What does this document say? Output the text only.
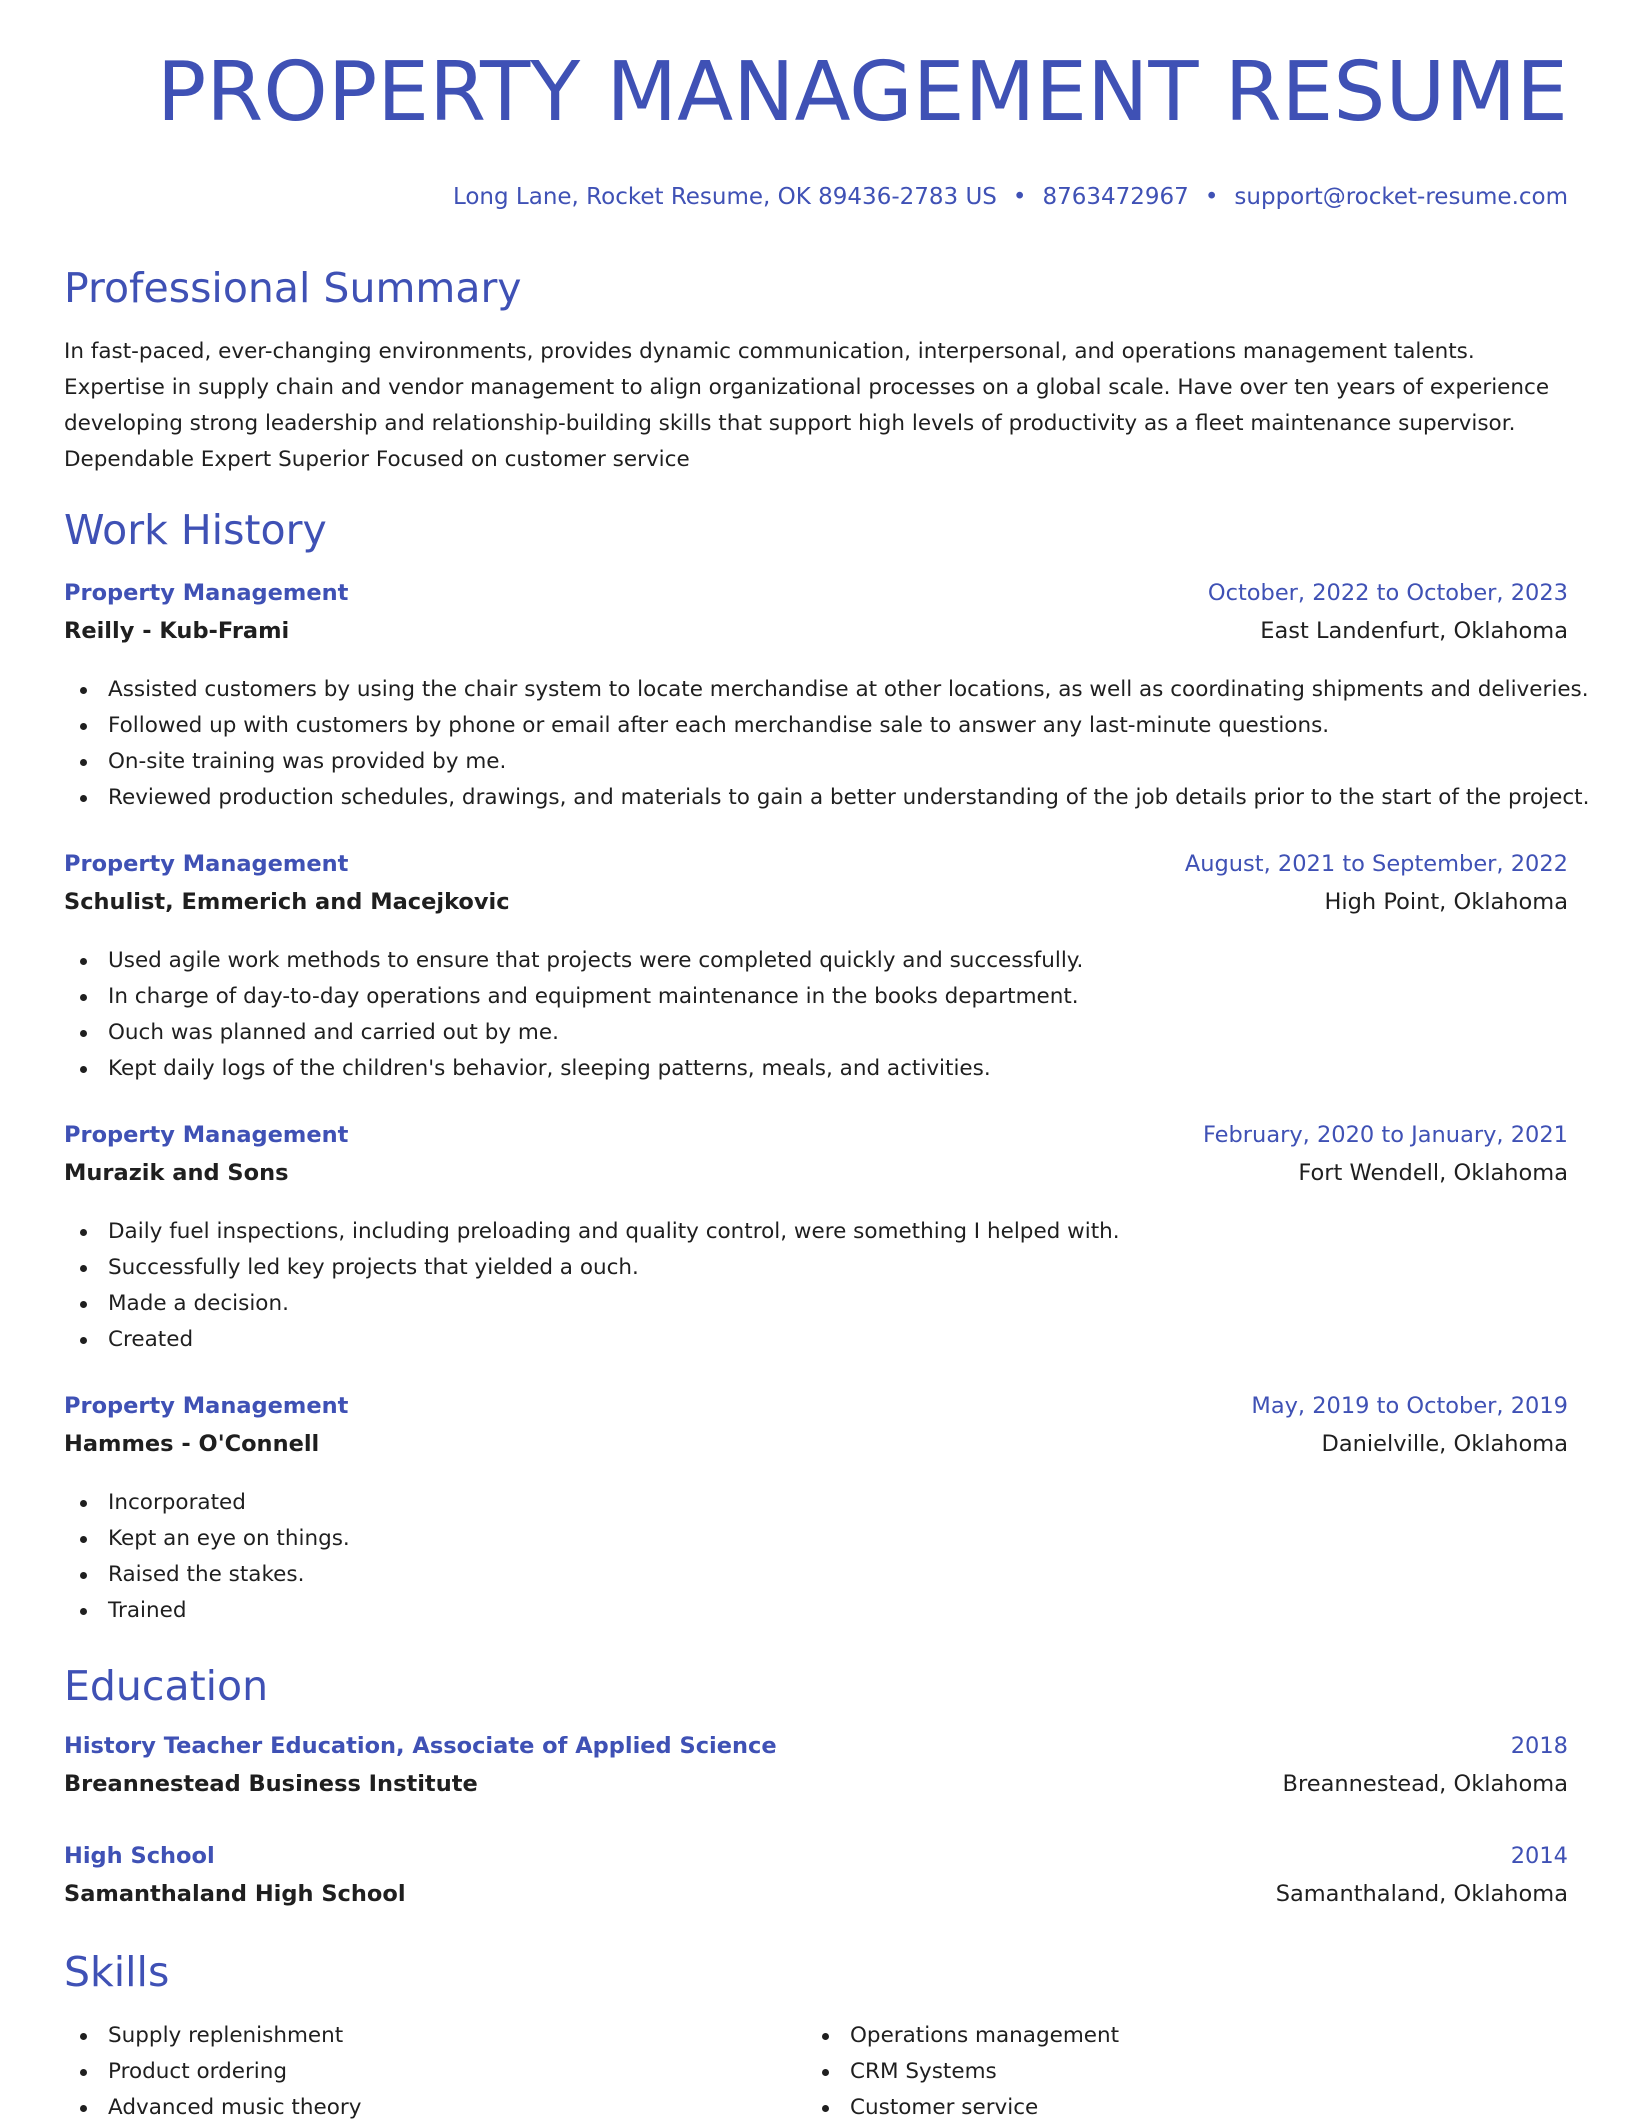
PROPERTY MANAGEMENT RESUME
Long Lane, Rocket Resume, OK 89436-2783 US • 8763472967 • support@rocket-resume.com
Professional Summary

In fast-paced, ever-changing environments, provides dynamic communication, interpersonal, and operations management talents. Expertise in supply chain and vendor management to align organizational processes on a global scale. Have over ten years of experience developing strong leadership and relationship-building skills that support high levels of productivity as a fleet maintenance supervisor. Dependable Expert Superior Focused on customer service

Work History
Property Management	October, 2022 to October, 2023
Reilly - Kub-Frami	East Landenfurt, Oklahoma
Assisted customers by using the chair system to locate merchandise at other locations, as well as coordinating shipments and deliveries.
Followed up with customers by phone or email after each merchandise sale to answer any last-minute questions.
On-site training was provided by me.
Reviewed production schedules, drawings, and materials to gain a better understanding of the job details prior to the start of the project.
Property Management	August, 2021 to September, 2022
Schulist, Emmerich and Macejkovic	High Point, Oklahoma
Used agile work methods to ensure that projects were completed quickly and successfully.
In charge of day-to-day operations and equipment maintenance in the books department.
Ouch was planned and carried out by me.
Kept daily logs of the children's behavior, sleeping patterns, meals, and activities.
Property Management	February, 2020 to January, 2021
Murazik and Sons	Fort Wendell, Oklahoma
Daily fuel inspections, including preloading and quality control, were something I helped with.
Successfully led key projects that yielded a ouch.
Made a decision.
Created
Property Management	May, 2019 to October, 2019
Hammes - O'Connell	Danielville, Oklahoma
Incorporated
Kept an eye on things.
Raised the stakes.
Trained
Education
History Teacher Education, Associate of Applied Science	2018
Breannestead Business Institute	Breannestead, Oklahoma
High School	2014
Samanthaland High School	Samanthaland, Oklahoma
Skills
Supply replenishment
Product ordering
Advanced music theory
Operations management
CRM Systems
Customer service
